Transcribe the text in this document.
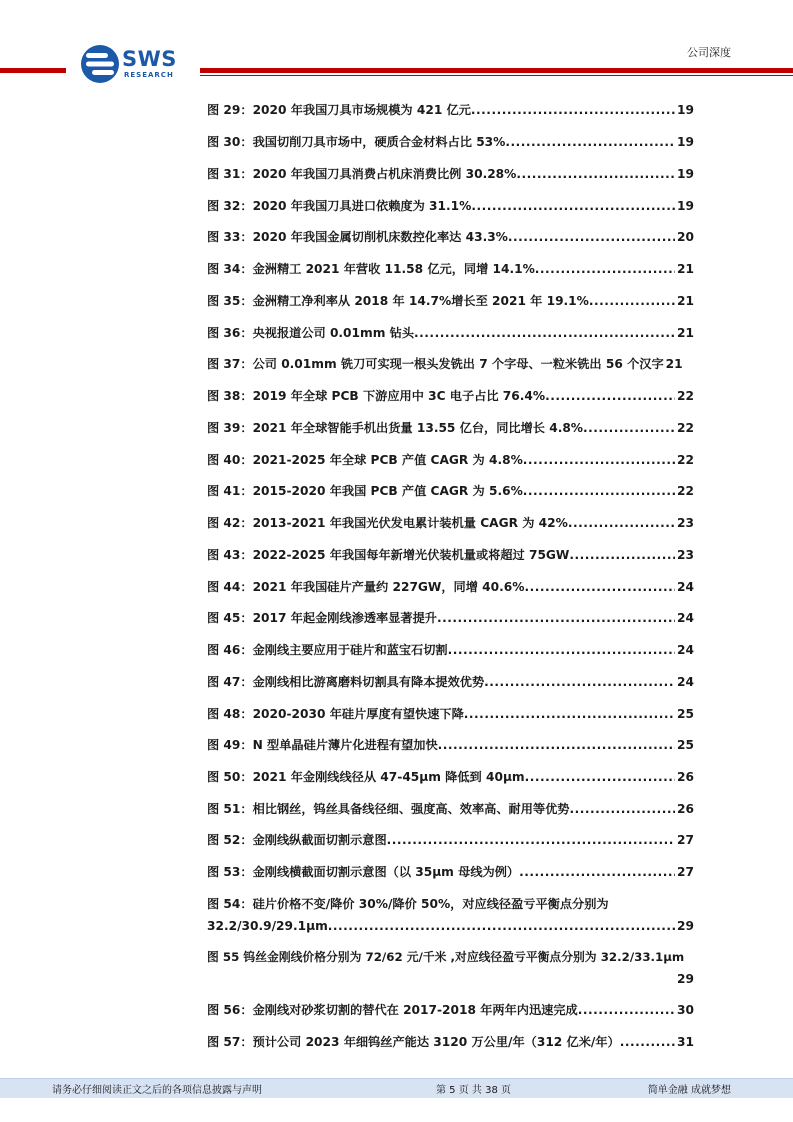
SWS
RESEARCH
公司深度
图 29：2020 年我国刀具市场规模为 421 亿元 .....	19
图 30：我国切削刀具市场中，硬质合金材料占比 53% .....	19
图 31：2020 年我国刀具消费占机床消费比例 30.28% .....	19
图 32：2020 年我国刀具进口依赖度为 31.1% .....	19
图 33：2020 年我国金属切削机床数控化率达 43.3% .....	20
图 34：金洲精工 2021 年营收 11.58 亿元，同增 14.1% .....	21
图 35：金洲精工净利率从 2018 年 14.7%增长至 2021 年 19.1% .....	21
图 36：央视报道公司 0.01mm 钻头 .....	21
图 37：公司 0.01mm 铣刀可实现一根头发铣出 7 个字母、一粒米铣出 56 个汉字 21
图 38：2019 年全球 PCB 下游应用中 3C 电子占比 76.4% .....	22
图 39：2021 年全球智能手机出货量 13.55 亿台，同比增长 4.8% .....	22
图 40：2021-2025 年全球 PCB 产值 CAGR 为 4.8% .....	22
图 41：2015-2020 年我国 PCB 产值 CAGR 为 5.6% .....	22
图 42：2013-2021 年我国光伏发电累计装机量 CAGR 为 42% .....	23
图 43：2022-2025 年我国每年新增光伏装机量或将超过 75GW .....	23
图 44：2021 年我国硅片产量约 227GW，同增 40.6% .....	24
图 45：2017 年起金刚线渗透率显著提升 .....	24
图 46：金刚线主要应用于硅片和蓝宝石切割 .....	24
图 47：金刚线相比游离磨料切割具有降本提效优势 .....	24
图 48：2020-2030 年硅片厚度有望快速下降 .....	25
图 49：N 型单晶硅片薄片化进程有望加快 .....	25
图 50：2021 年金刚线线径从 47-45μm 降低到 40μm .....	26
图 51：相比钢丝，钨丝具备线径细、强度高、效率高、耐用等优势 .....	26
图 52：金刚线纵截面切割示意图 .....	27
图 53：金刚线横截面切割示意图（以 35μm 母线为例） .....	27
图 54：硅片价格不变/降价 30%/降价 50%，对应线径盈亏平衡点分别为
32.2/30.9/29.1μm .....	29
图 55 钨丝金刚线价格分别为 72/62 元/千米 ,对应线径盈亏平衡点分别为 32.2/33.1μm
29
图 56：金刚线对砂浆切割的替代在 2017-2018 年两年内迅速完成 .....	30
图 57：预计公司 2023 年细钨丝产能达 3120 万公里/年（312 亿米/年） .....	31
请务必仔细阅读正文之后的各项信息披露与声明	第 5 页 共 38 页	简单金融 成就梦想
